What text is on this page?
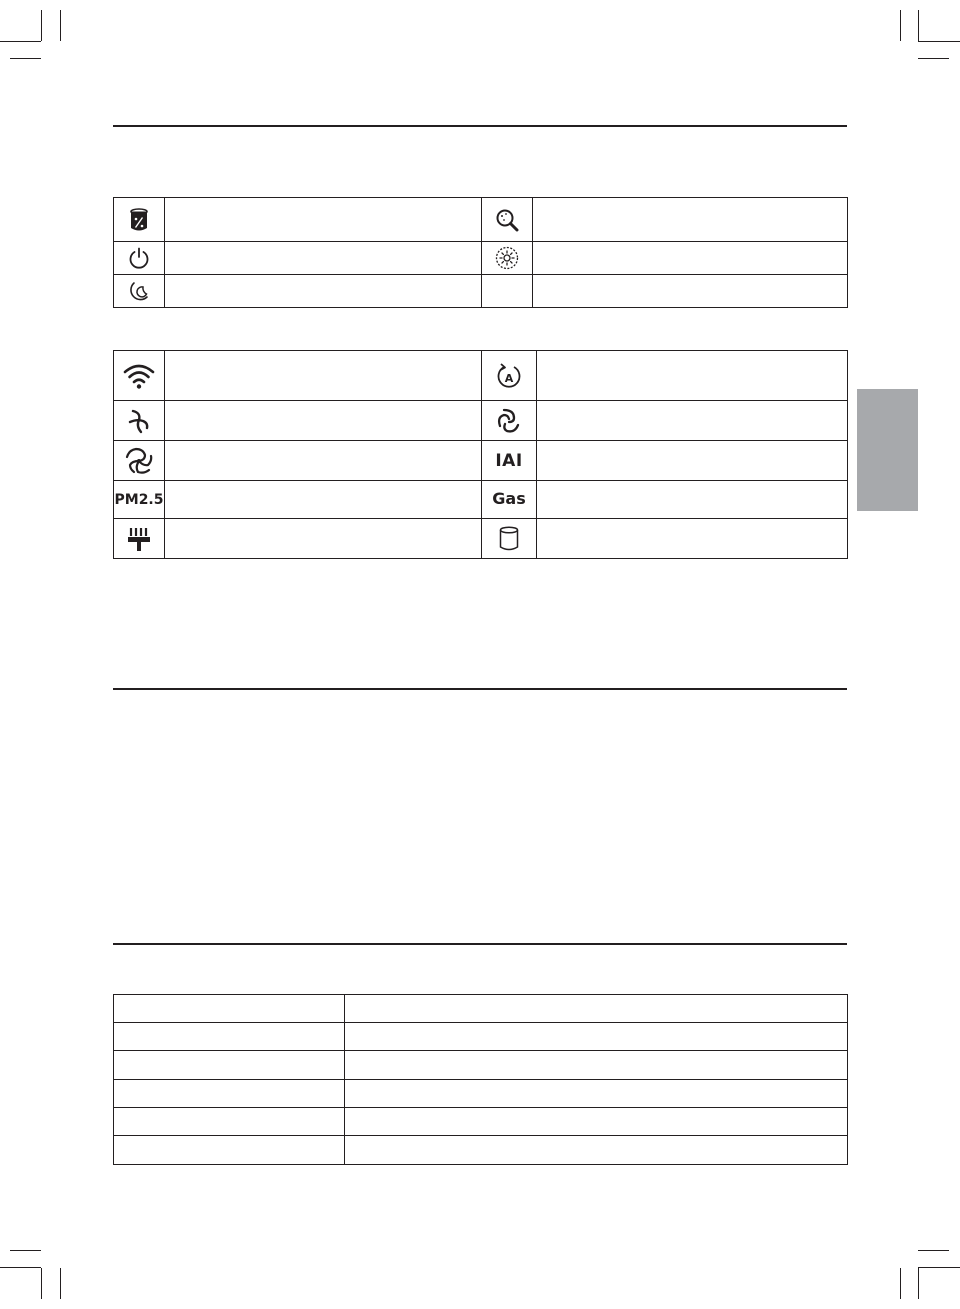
A	

		IAI	
PM2.5		Gas	
